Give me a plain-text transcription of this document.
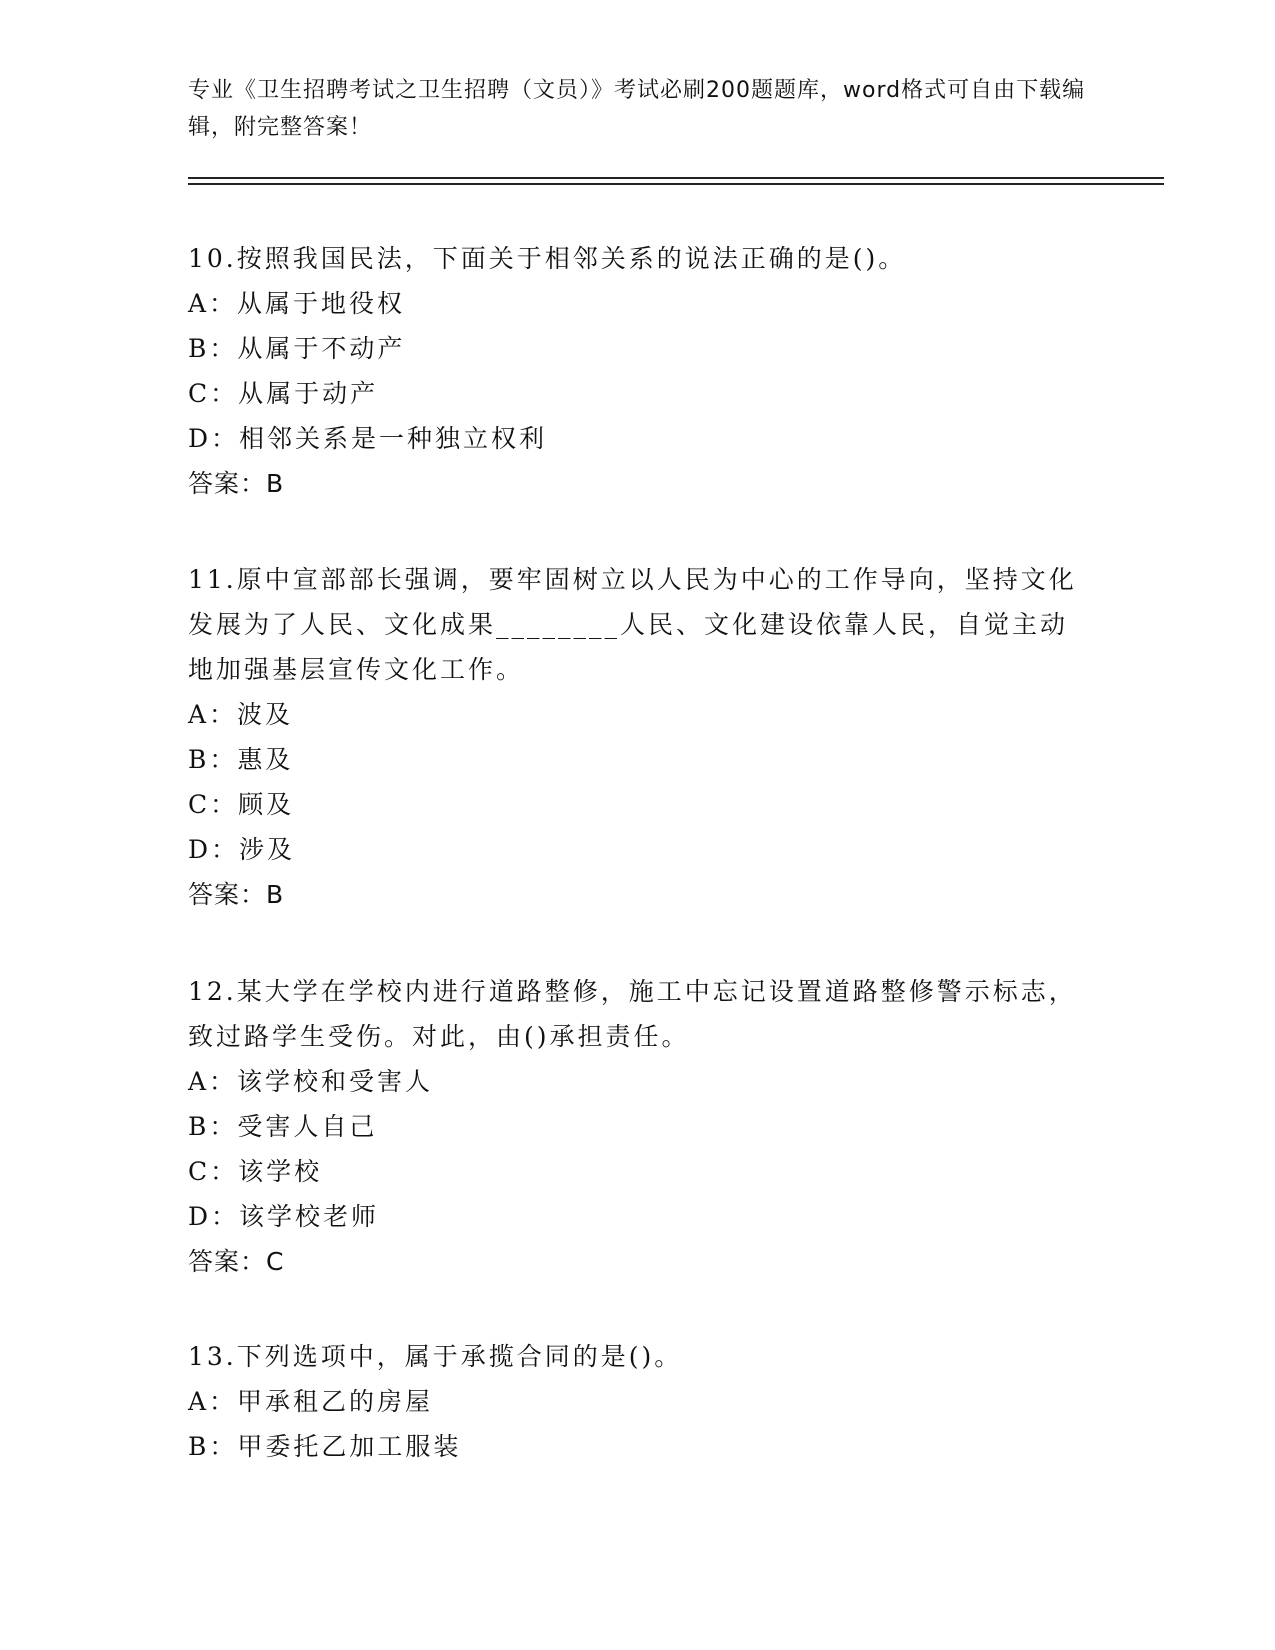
专业《卫生招聘考试之卫生招聘（文员）》考试必刷200题题库，word格式可自由下载编辑，附完整答案！
10.按照我国民法，下面关于相邻关系的说法正确的是()。
A：从属于地役权
B：从属于不动产
C：从属于动产
D：相邻关系是一种独立权利
答案：B
11.原中宣部部长强调，要牢固树立以人民为中心的工作导向，坚持文化发展为了人民、文化成果________人民、文化建设依靠人民，自觉主动地加强基层宣传文化工作。
A：波及
B：惠及
C：顾及
D：涉及
答案：B
12.某大学在学校内进行道路整修，施工中忘记设置道路整修警示标志，致过路学生受伤。对此，由()承担责任。
A：该学校和受害人
B：受害人自己
C：该学校
D：该学校老师
答案：C
13.下列选项中，属于承揽合同的是()。
A：甲承租乙的房屋
B：甲委托乙加工服装
